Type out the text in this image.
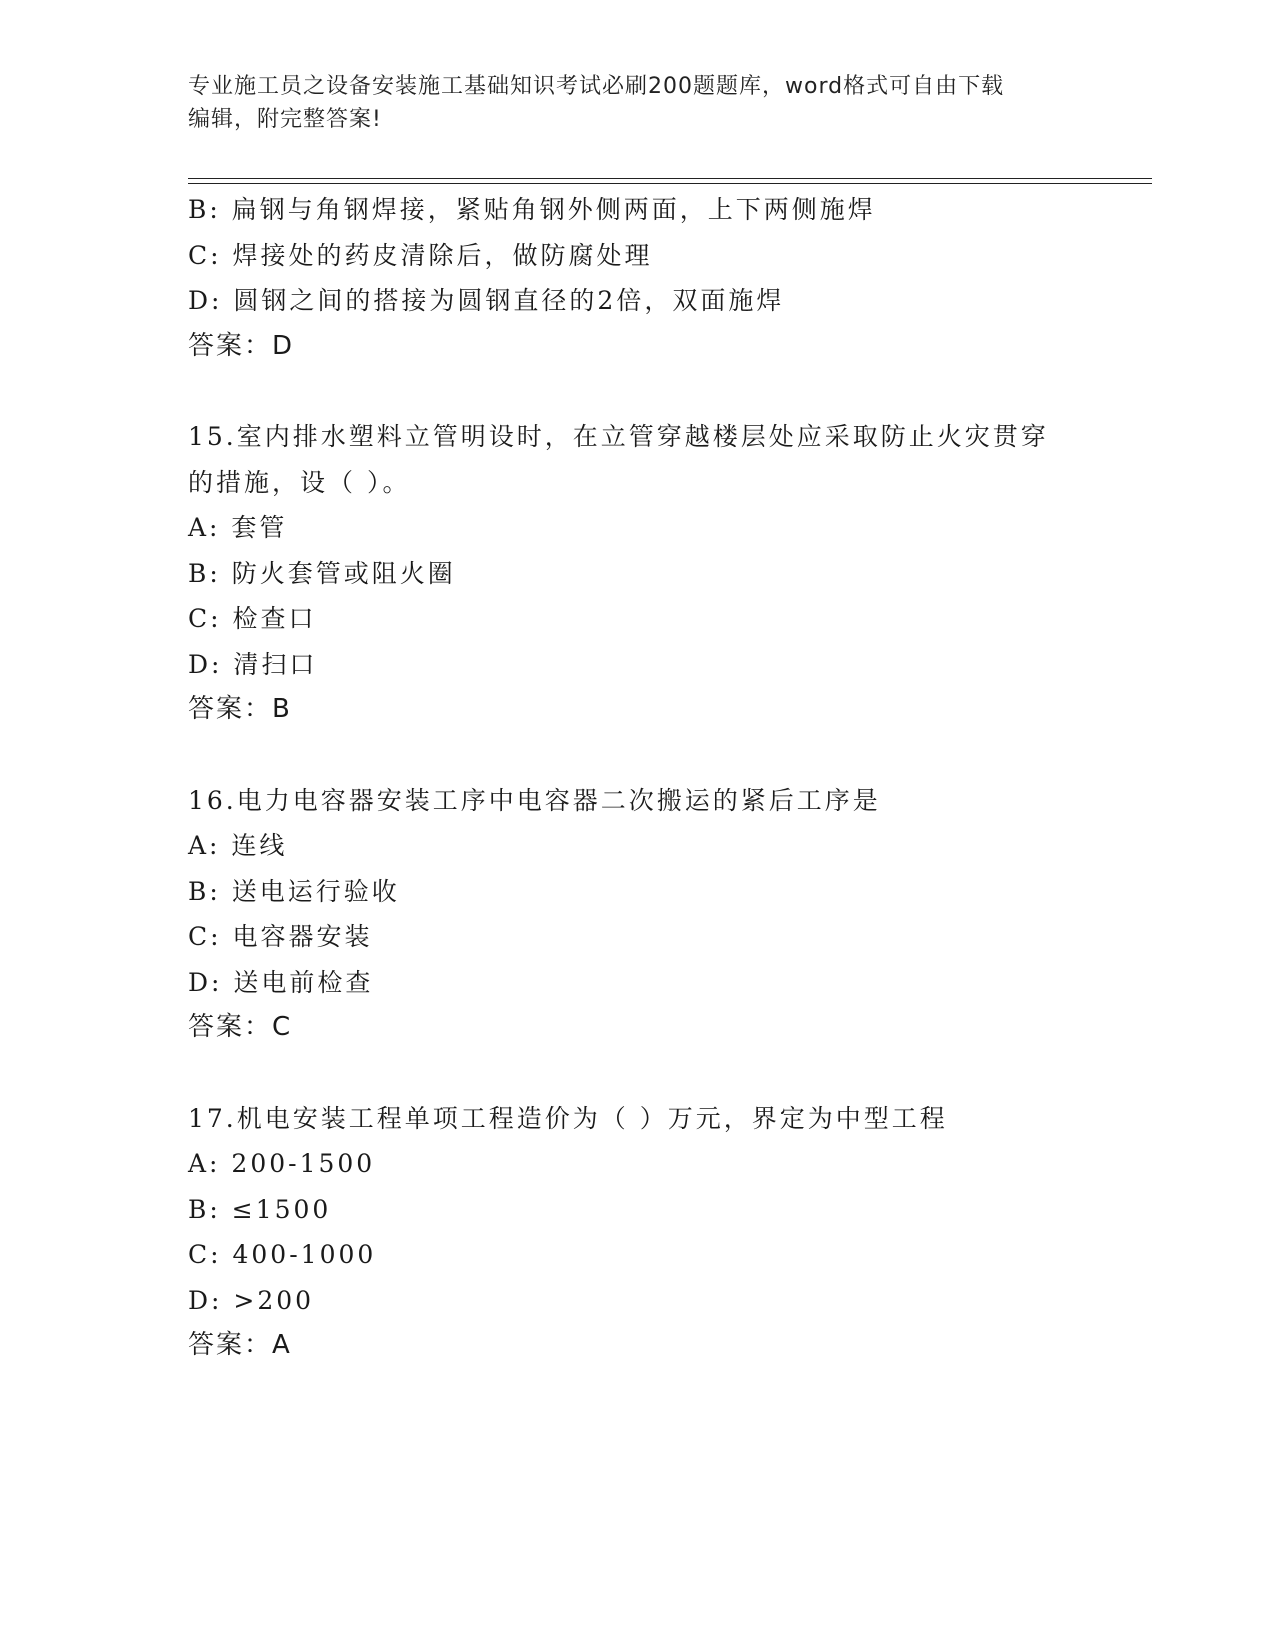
专业施工员之设备安装施工基础知识考试必刷200题题库，word格式可自由下载
编辑，附完整答案!
B: 扁钢与角钢焊接，紧贴角钢外侧两面，上下两侧施焊
C: 焊接处的药皮清除后，做防腐处理
D: 圆钢之间的搭接为圆钢直径的2倍，双面施焊
答案：D
15.室内排水塑料立管明设时，在立管穿越楼层处应采取防止火灾贯穿
的措施，设（ ）。
A: 套管
B: 防火套管或阻火圈
C: 检查口
D: 清扫口
答案：B
16.电力电容器安装工序中电容器二次搬运的紧后工序是
A: 连线
B: 送电运行验收
C: 电容器安装
D: 送电前检查
答案：C
17.机电安装工程单项工程造价为（ ）万元，界定为中型工程
A: 200-1500
B: ≤1500
C: 400-1000
D: >200
答案：A
